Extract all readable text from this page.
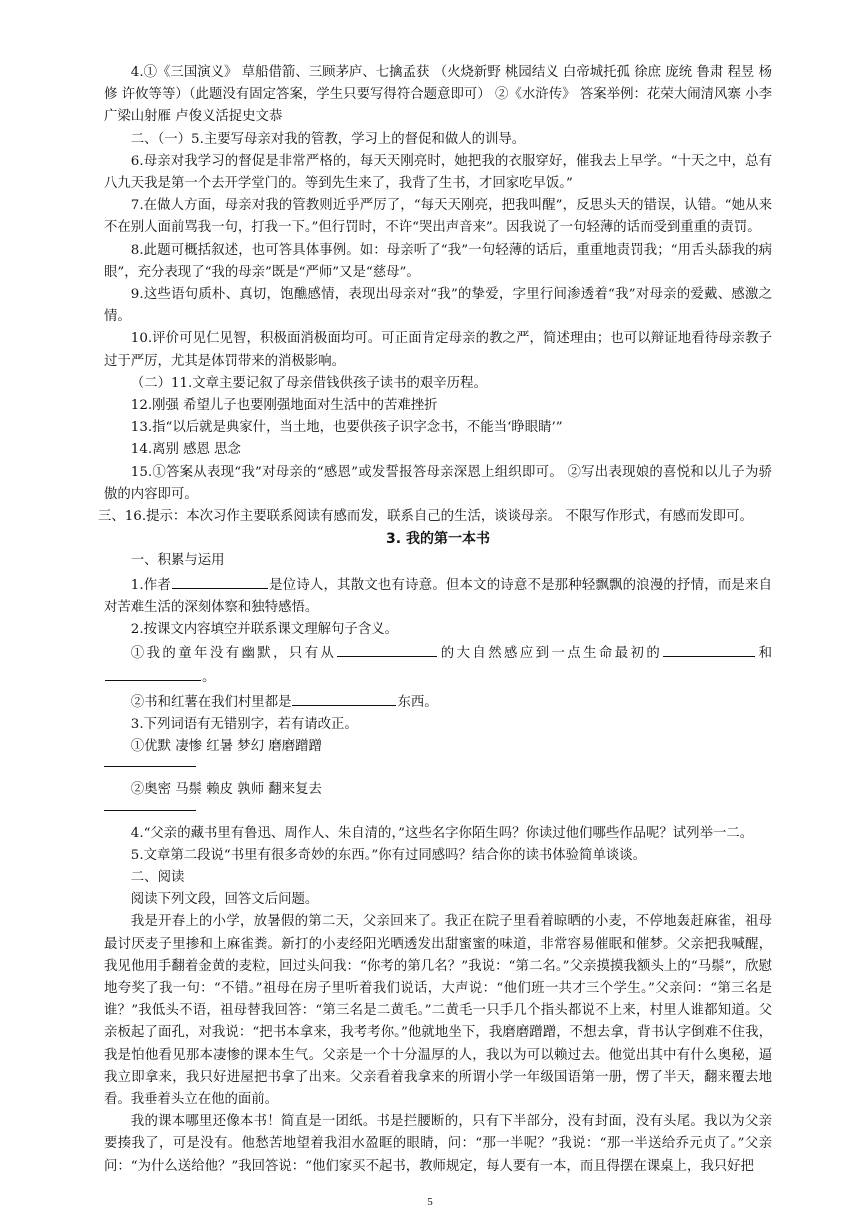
4.①《三国演义》 草船借箭、三顾茅庐、七擒孟获 （火烧新野 桃园结义 白帝城托孤 徐庶 庞统 鲁肃 程昱 杨修 许攸等等）（此题没有固定答案，学生只要写得符合题意即可） ②《水浒传》 答案举例：花荣大闹清风寨 小李广梁山射雁 卢俊义活捉史文恭

二、（一）5.主要写母亲对我的管教，学习上的督促和做人的训导。

6.母亲对我学习的督促是非常严格的，每天天刚亮时，她把我的衣服穿好，催我去上早学。“十天之中，总有八九天我是第一个去开学堂门的。等到先生来了，我背了生书，才回家吃早饭。”

7.在做人方面，母亲对我的管教则近乎严厉了，“每天天刚亮，把我叫醒”，反思头天的错误，认错。“她从来不在别人面前骂我一句，打我一下。”但行罚时，不许“哭出声音来”。因我说了一句轻薄的话而受到重重的责罚。

8.此题可概括叙述，也可答具体事例。如：母亲听了“我”一句轻薄的话后，重重地责罚我；“用舌头舔我的病眼”，充分表现了“我的母亲”既是“严师”又是“慈母”。

9.这些语句质朴、真切，饱醮感情，表现出母亲对“我”的挚爱，字里行间渗透着“我”对母亲的爱戴、感激之情。

10.评价可见仁见智，积极面消极面均可。可正面肯定母亲的教之严，简述理由；也可以辩证地看待母亲教子过于严厉，尤其是体罚带来的消极影响。

（二）11.文章主要记叙了母亲借钱供孩子读书的艰辛历程。

12.刚强 希望儿子也要刚强地面对生活中的苦难挫折

13.指“以后就是典家什，当土地，也要供孩子识字念书，不能当‘睁眼睛’”

14.离别 感恩 思念

15.①答案从表现“我”对母亲的“感恩”或发誓报答母亲深恩上组织即可。 ②写出表现娘的喜悦和以儿子为骄傲的内容即可。

三、16.提示：本次习作主要联系阅读有感而发，联系自己的生活，谈谈母亲。 不限写作形式，有感而发即可。

3. 我的第一本书

一、积累与运用

1.作者	是位诗人，其散文也有诗意。但本文的诗意不是那种轻飘飘的浪漫的抒情，而是来自对苦难生活的深刻体察和独特感悟。

2.按课文内容填空并联系课文理解句子含义。

①我的童年没有幽默，只有从	的大自然感应到一点生命最初的	和。

②书和红薯在我们村里都是	东西。

3.下列词语有无错别字，若有请改正。

①优默 凄惨 红暑 梦幻 磨磨蹭蹭

②奥密 马鬃 赖皮 孰师 翻来复去

4.“父亲的藏书里有鲁迅、周作人、朱自清的，”这些名字你陌生吗？你读过他们哪些作品呢？试列举一二。

5.文章第二段说“书里有很多奇妙的东西。”你有过同感吗？结合你的读书体验简单谈谈。

二、阅读

阅读下列文段，回答文后问题。

我是开春上的小学，放暑假的第二天，父亲回来了。我正在院子里看着晾晒的小麦，不停地轰赶麻雀，祖母最讨厌麦子里掺和上麻雀粪。新打的小麦经阳光晒透发出甜蜜蜜的味道，非常容易催眠和催梦。父亲把我喊醒，我见他用手翻着金黄的麦粒，回过头问我：“你考的第几名？”我说：“第二名。”父亲摸摸我额头上的“马鬃”，欣慰地夸奖了我一句：“不错。”祖母在房子里听着我们说话，大声说：“他们班一共才三个学生。”父亲问：“第三名是谁？”我低头不语，祖母替我回答：“第三名是二黄毛。”二黄毛一只手几个指头都说不上来，村里人谁都知道。父亲板起了面孔，对我说：“把书本拿来，我考考你。”他就地坐下，我磨磨蹭蹭，不想去拿，背书认字倒难不住我，我是怕他看见那本凄惨的课本生气。父亲是一个十分温厚的人，我以为可以赖过去。他觉出其中有什么奥秘，逼我立即拿来，我只好进屋把书拿了出来。父亲看着我拿来的所谓小学一年级国语第一册，愣了半天，翻来覆去地看。我垂着头立在他的面前。

我的课本哪里还像本书！简直是一团纸。书是拦腰断的，只有下半部分，没有封面，没有头尾。我以为父亲要揍我了，可是没有。他愁苦地望着我泪水盈眶的眼睛，问：“那一半呢？”我说：“那一半送给乔元贞了。”父亲问：“为什么送给他？”我回答说：“他们家买不起书，教师规定，每人要有一本，而且得摆在课桌上，我只好把

5
